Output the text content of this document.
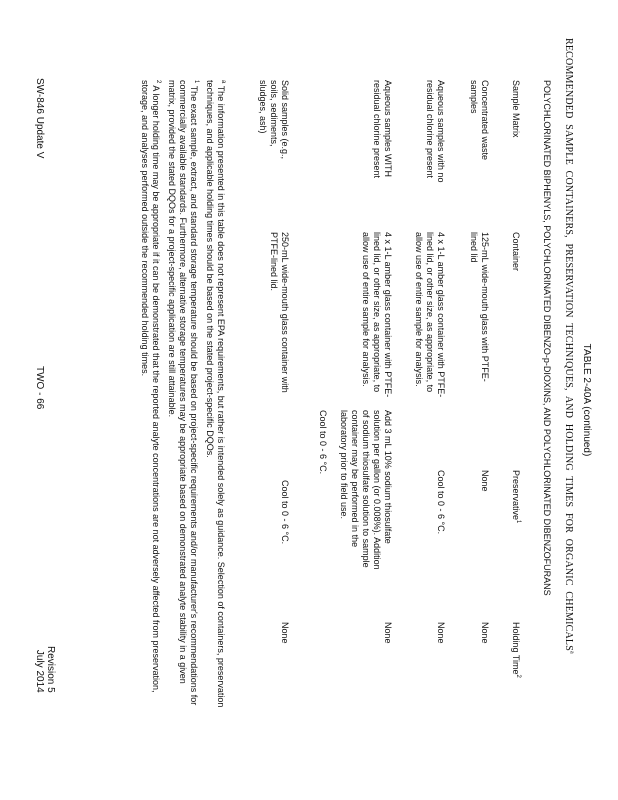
TABLE 2-40A (continued)
RECOMMENDED SAMPLE CONTAINERS, PRESERVATION TECHNIQUES, AND HOLDING TIMES FOR ORGANIC CHEMICALS$^a$
POLYCHLORINATED BIPHENYLS, POLYCHLORINATED DIBENZO-p-DIOXINS, AND POLYCHLORINATED DIBENZOFURANS
Sample Matrix
Container
Preservative$^1$
Holding Time$^2$
Concentrated waste samples
125-mL wide-mouth glass with PTFE-lined lid
None
None
Aqueous samples with no residual chlorine present
4 x 1-L amber glass container with PTFE-lined lid, or other size, as appropriate, to allow use of entire sample for analysis.
Cool to 0 - 6 °C.
None
Aqueous samples WITH residual chlorine present
4 x 1-L amber glass container with PTFE-lined lid, or other size, as appropriate, to allow use of entire sample for analysis.
Add 3 mL 10% sodium thiosulfate solution per gallon (or 0.008%). Addition of sodium thiosulfate solution to sample container may be performed in the laboratory prior to field use.
Cool to 0 - 6 °C.
None
Solid samples (e.g., soils, sediments, sludges, ash)
250-mL wide-mouth glass container with PTFE-lined lid.
Cool to 0 - 6 °C.
None

$^a$ The information presented in this table does not represent EPA requirements, but rather is intended solely as guidance. Selection of containers, preservation techniques, and applicable holding times should be based on the stated project-specific DQOs.

$^1$ The exact sample, extract, and standard storage temperature should be based on project-specific requirements and/or manufacturer's recommendations for commercially available standards. Furthermore, alternative storage temperatures may be appropriate based on demonstrated analyte stability in a given matrix, provided the stated DQOs for a project-specific application are still attainable.

$^2$ A longer holding time may be appropriate if it can be demonstrated that the reported analyte concentrations are not adversely affected from preservation, storage, and analyses performed outside the recommended holding times.

SW-846 Update V
TWO - 66
Revision 5
July 2014
